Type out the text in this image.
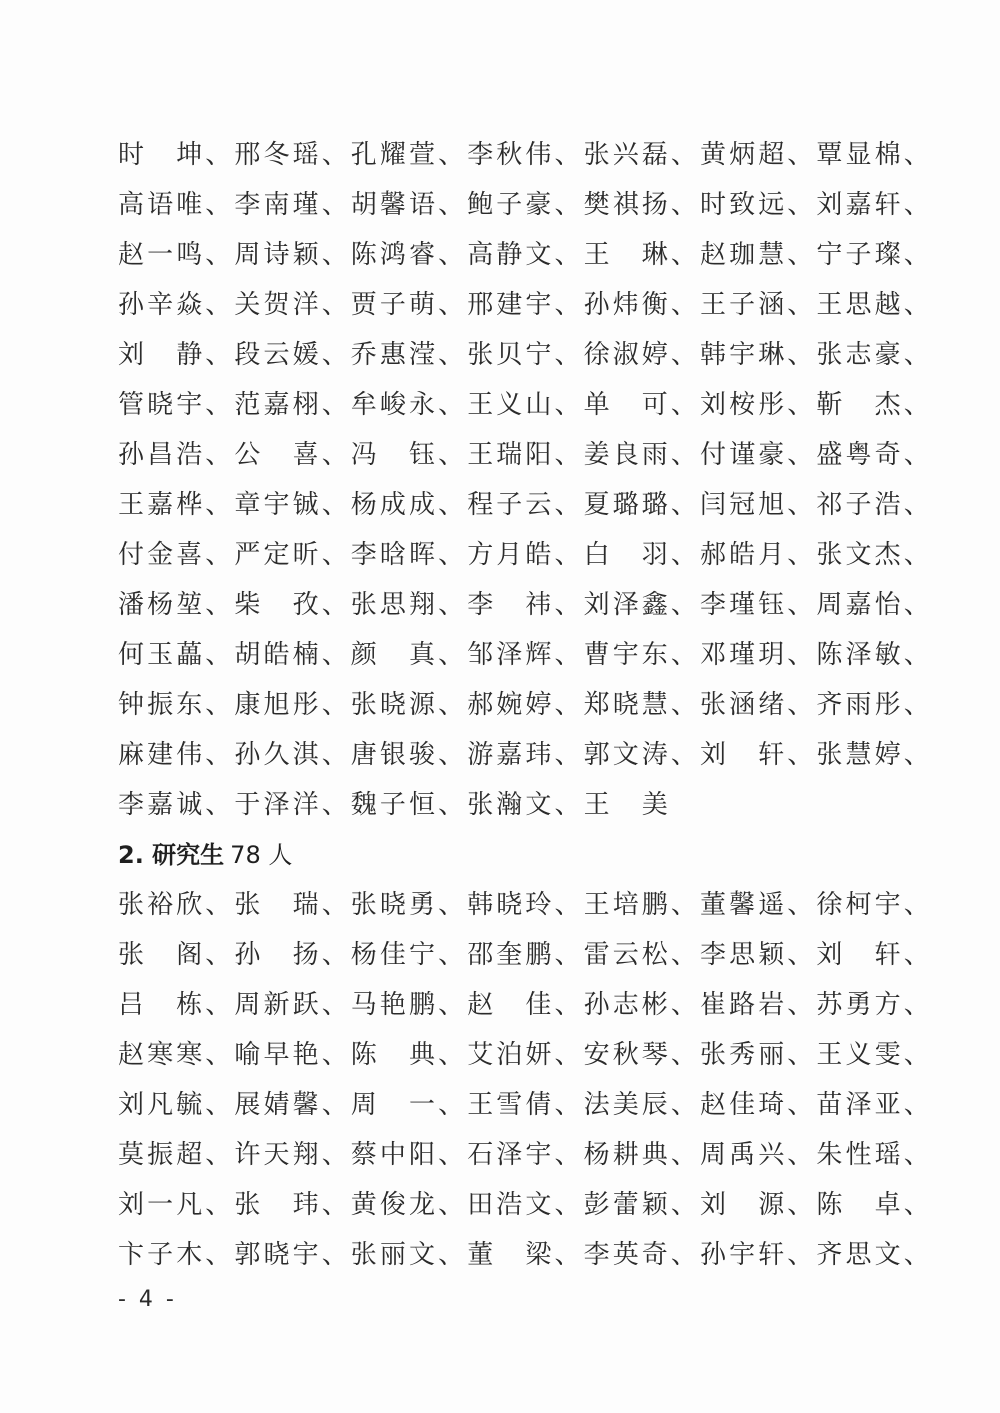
时　坤、邢冬瑶、孔耀萱、李秋伟、张兴磊、黄炳超、覃显棉、
高语唯、李南瑾、胡馨语、鲍子豪、樊祺扬、时致远、刘嘉轩、
赵一鸣、周诗颖、陈鸿睿、高静文、王　琳、赵珈慧、宁子璨、
孙辛焱、关贺洋、贾子萌、邢建宇、孙炜衡、王子涵、王思越、
刘　静、段云媛、乔惠滢、张贝宁、徐淑婷、韩宇琳、张志豪、
管晓宇、范嘉栩、牟峻永、王义山、单　可、刘桉彤、靳　杰、
孙昌浩、公　喜、冯　钰、王瑞阳、姜良雨、付谨豪、盛粤奇、
王嘉桦、章宇铖、杨成成、程子云、夏璐璐、闫冠旭、祁子浩、
付金喜、严定昕、李晗晖、方月皓、白　羽、郝皓月、张文杰、
潘杨堃、柴　孜、张思翔、李　祎、刘泽鑫、李瑾钰、周嘉怡、
何玉藟、胡皓楠、颜　真、邹泽辉、曹宇东、邓瑾玥、陈泽敏、
钟振东、康旭彤、张晓源、郝婉婷、郑晓慧、张涵绪、齐雨彤、
麻建伟、孙久淇、唐银骏、游嘉玮、郭文涛、刘　轩、张慧婷、
李嘉诚、于泽洋、魏子恒、张瀚文、王　美
2. 研究生 78 人
张裕欣、张　瑞、张晓勇、韩晓玲、王培鹏、董馨遥、徐柯宇、
张　阁、孙　扬、杨佳宁、邵奎鹏、雷云松、李思颖、刘　轩、
吕　栋、周新跃、马艳鹏、赵　佳、孙志彬、崔路岩、苏勇方、
赵寒寒、喻早艳、陈　典、艾泊妍、安秋琴、张秀丽、王义雯、
刘凡毓、展婧馨、周　一、王雪倩、法美辰、赵佳琦、苗泽亚、
莫振超、许天翔、蔡中阳、石泽宇、杨耕典、周禹兴、朱性瑶、
刘一凡、张　玮、黄俊龙、田浩文、彭蕾颖、刘　源、陈　卓、
卞子木、郭晓宇、张丽文、董　梁、李英奇、孙宇轩、齐思文、
- 4 -
